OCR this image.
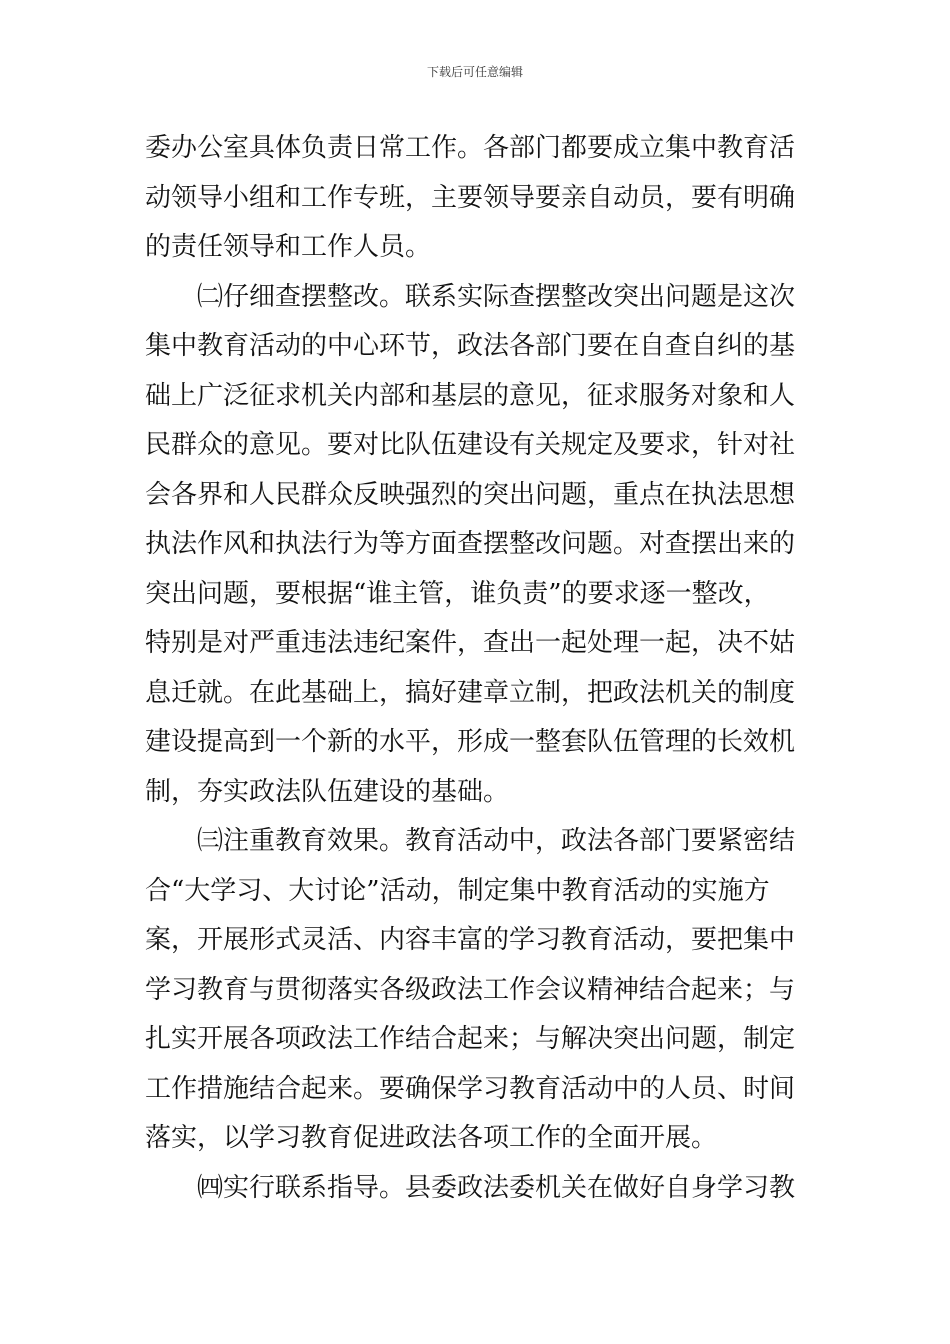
下载后可任意编辑
委办公室具体负责日常工作。各部门都要成立集中教育活
动领导小组和工作专班，主要领导要亲自动员，要有明确
的责任领导和工作人员。
　　㈡仔细查摆整改。联系实际查摆整改突出问题是这次
集中教育活动的中心环节，政法各部门要在自查自纠的基
础上广泛征求机关内部和基层的意见，征求服务对象和人
民群众的意见。要对比队伍建设有关规定及要求，针对社
会各界和人民群众反映强烈的突出问题，重点在执法思想
执法作风和执法行为等方面查摆整改问题。对查摆出来的
突出问题，要根据“谁主管，谁负责”的要求逐一整改，
特别是对严重违法违纪案件，查出一起处理一起，决不姑
息迁就。在此基础上，搞好建章立制，把政法机关的制度
建设提高到一个新的水平，形成一整套队伍管理的长效机
制，夯实政法队伍建设的基础。
　　㈢注重教育效果。教育活动中，政法各部门要紧密结
合“大学习、大讨论”活动，制定集中教育活动的实施方
案，开展形式灵活、内容丰富的学习教育活动，要把集中
学习教育与贯彻落实各级政法工作会议精神结合起来；与
扎实开展各项政法工作结合起来；与解决突出问题，制定
工作措施结合起来。要确保学习教育活动中的人员、时间
落实，以学习教育促进政法各项工作的全面开展。
　　㈣实行联系指导。县委政法委机关在做好自身学习教
